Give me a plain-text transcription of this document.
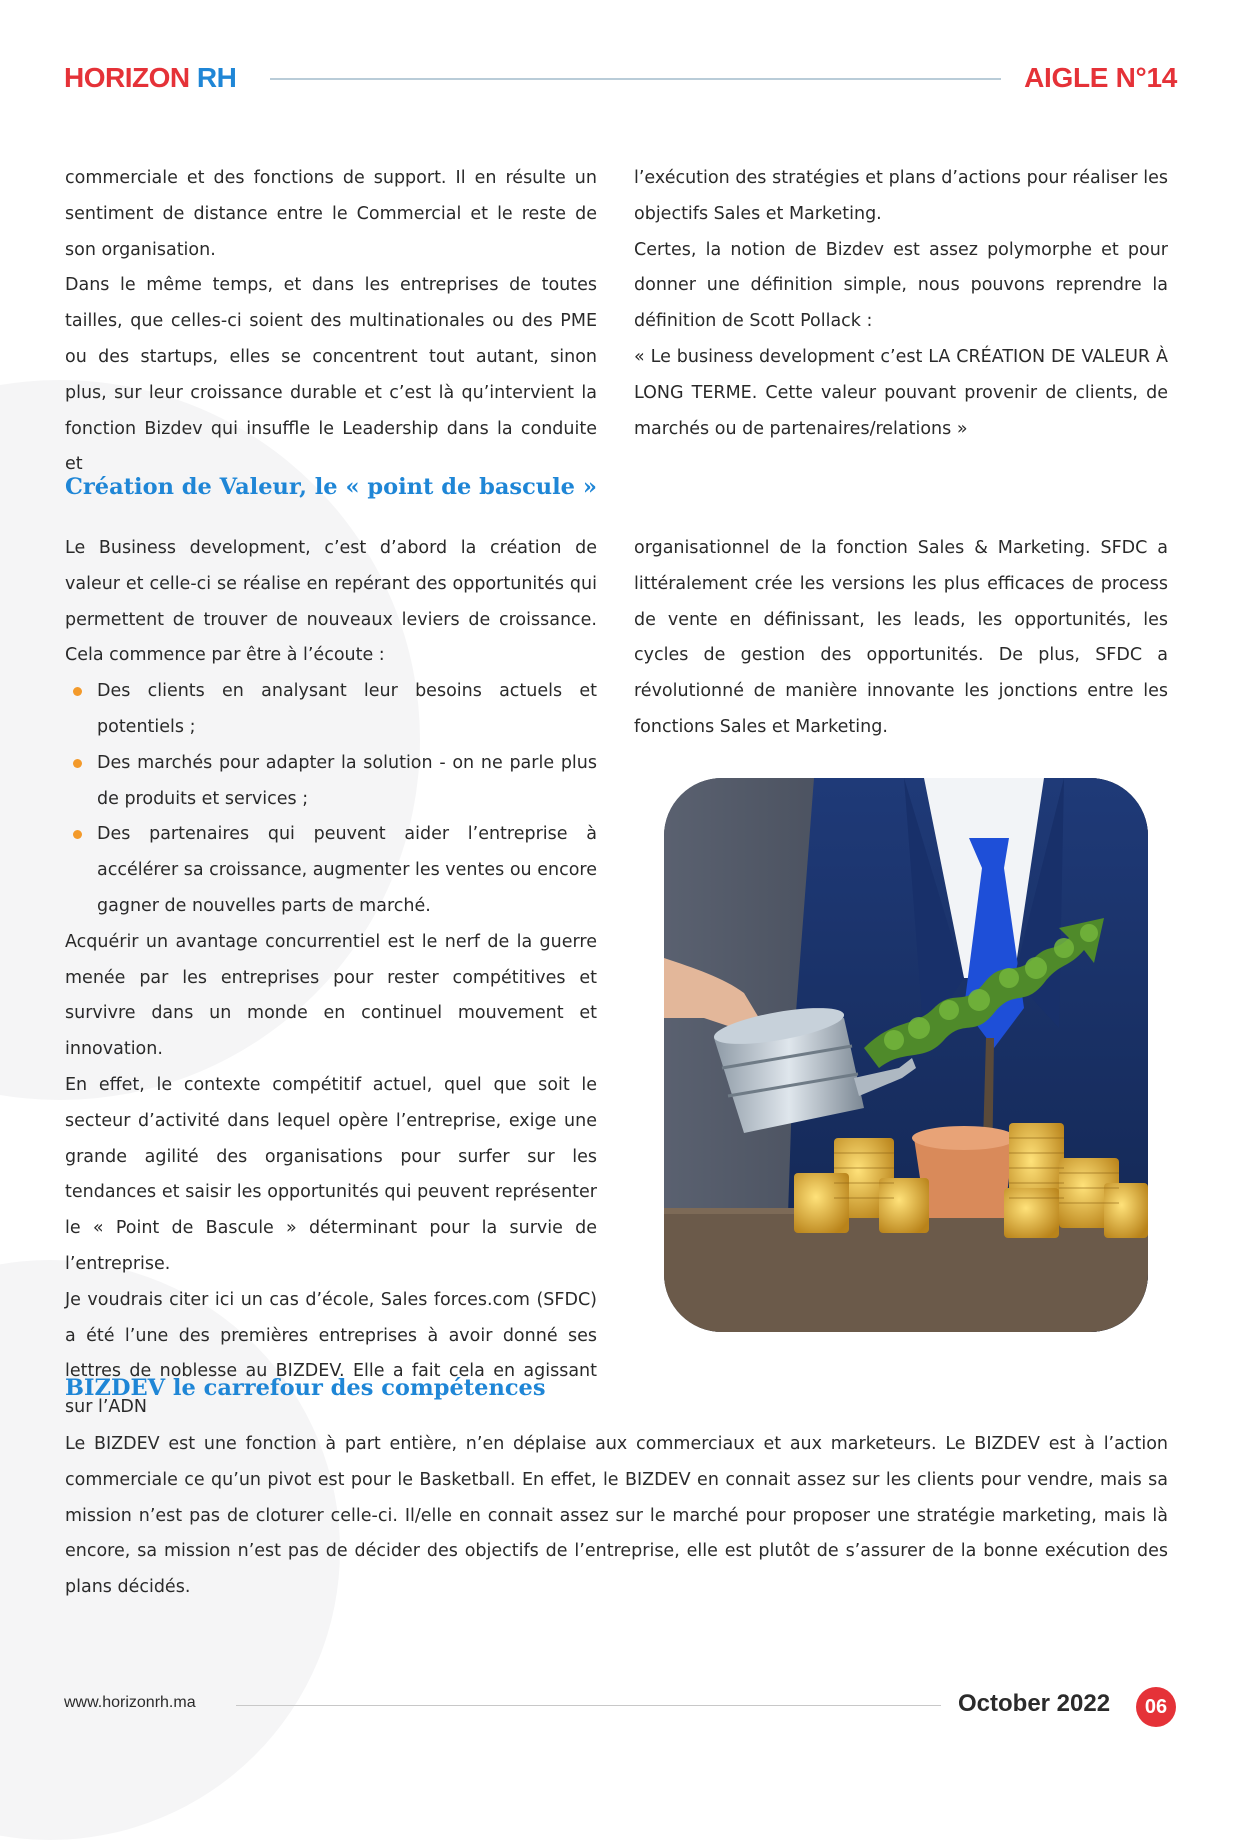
HORIZON RH	AIGLE N°14

commerciale et des fonctions de support. Il en résulte un sentiment de distance entre le Commercial et le reste de son organisation.

Dans le même temps, et dans les entreprises de toutes tailles, que celles-ci soient des multinationales ou des PME ou des startups, elles se concentrent tout autant, sinon plus, sur leur croissance durable et c’est là qu’intervient la fonction Bizdev qui insuffle le Leadership dans la conduite et

l’exécution des stratégies et plans d’actions pour réaliser les objectifs Sales et Marketing.

Certes, la notion de Bizdev est assez polymorphe et pour donner une définition simple, nous pouvons reprendre la définition de Scott Pollack :

« Le business development c’est LA CRÉATION DE VALEUR À LONG TERME. Cette valeur pouvant provenir de clients, de marchés ou de partenaires/relations »

Création de Valeur, le « point de bascule »

Le Business development, c’est d’abord la création de valeur et celle-ci se réalise en repérant des opportunités qui permettent de trouver de nouveaux leviers de croissance. Cela commence par être à l’écoute :

Des clients en analysant leur besoins actuels et potentiels ;
Des marchés pour adapter la solution - on ne parle plus de produits et services ;
Des partenaires qui peuvent aider l’entreprise à accélérer sa croissance, augmenter les ventes ou encore gagner de nouvelles parts de marché.

Acquérir un avantage concurrentiel est le nerf de la guerre menée par les entreprises pour rester compétitives et survivre dans un monde en continuel mouvement et innovation.

En effet, le contexte compétitif actuel, quel que soit le secteur d’activité dans lequel opère l’entreprise, exige une grande agilité des organisations pour surfer sur les tendances et saisir les opportunités qui peuvent représenter le « Point de Bascule » déterminant pour la survie de l’entreprise.

Je voudrais citer ici un cas d’école, Sales forces.com (SFDC) a été l’une des premières entreprises à avoir donné ses lettres de noblesse au BIZDEV. Elle a fait cela en agissant sur l’ADN

organisationnel de la fonction Sales & Marketing. SFDC a littéralement crée les versions les plus efficaces de process de vente en définissant, les leads, les opportunités, les cycles de gestion des opportunités. De plus, SFDC a révolutionné de manière innovante les jonctions entre les fonctions Sales et Marketing.

BIZDEV le carrefour des compétences

Le BIZDEV est une fonction à part entière, n’en déplaise aux commerciaux et aux marketeurs. Le BIZDEV est à l’action commerciale ce qu’un pivot est pour le Basketball. En effet, le BIZDEV en connait assez sur les clients pour vendre, mais sa mission n’est pas de cloturer celle-ci. Il/elle en connait assez sur le marché pour proposer une stratégie marketing, mais là encore, sa mission n’est pas de décider des objectifs de l’entreprise, elle est plutôt de s’assurer de la bonne exécution des plans décidés.

www.horizonrh.ma	October 2022	06
